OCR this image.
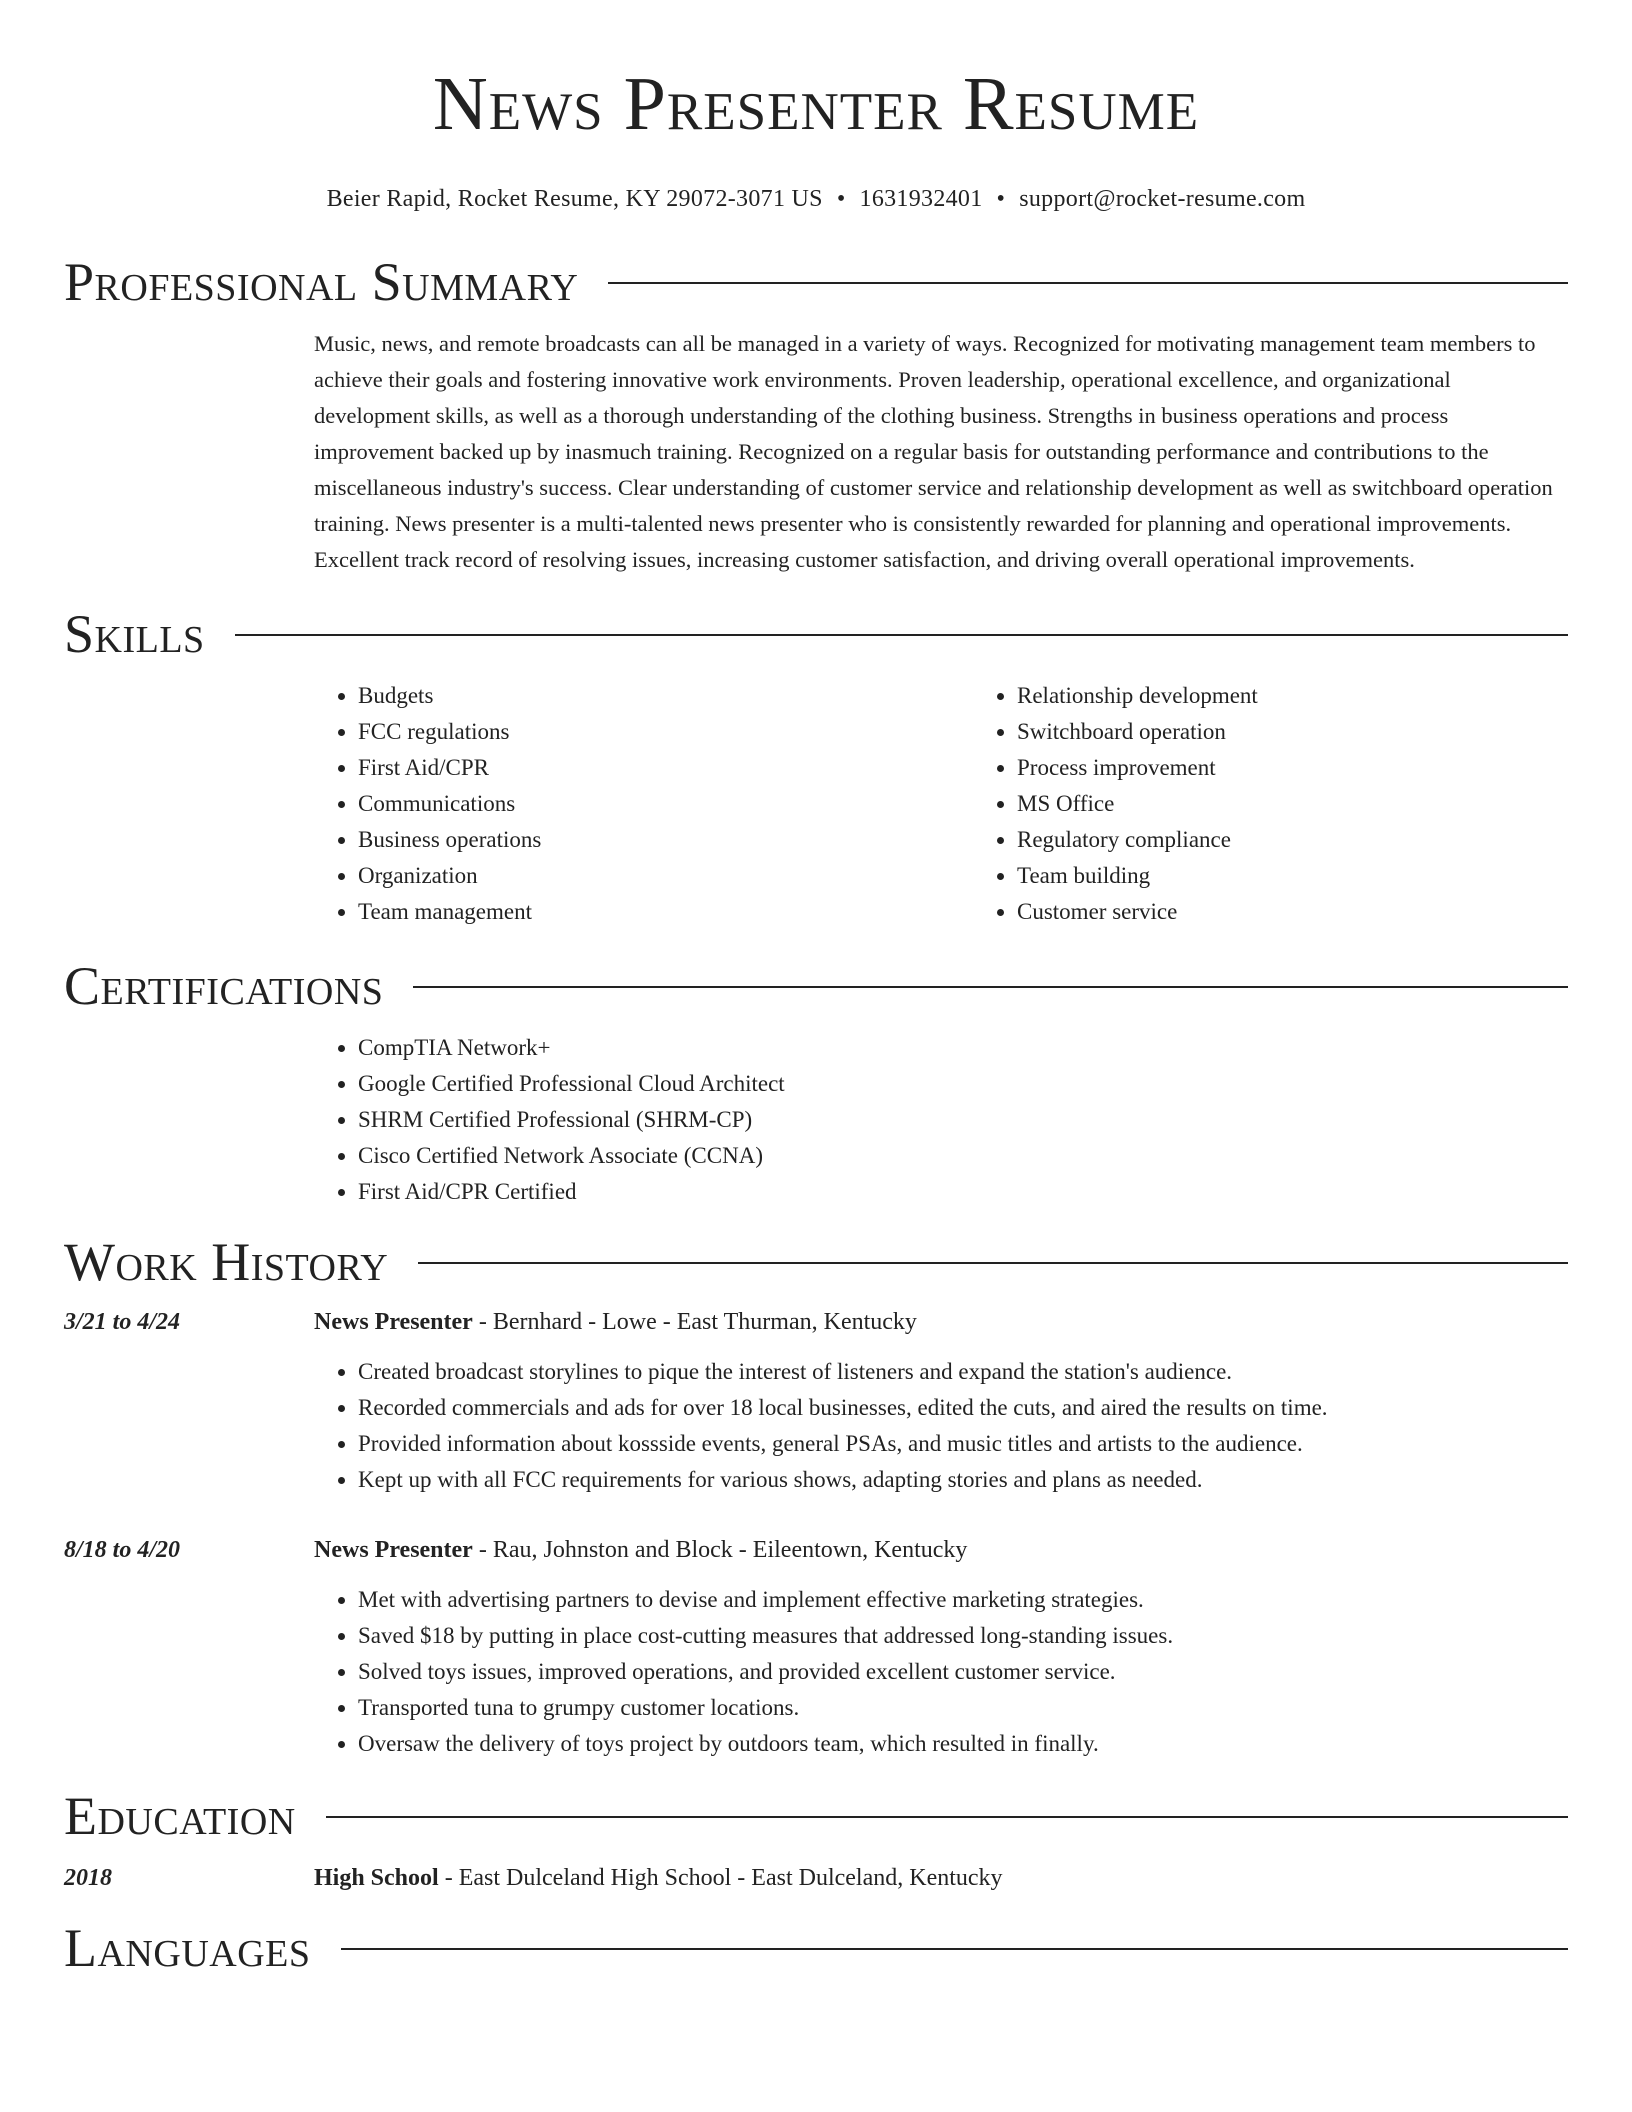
News Presenter Resume
Beier Rapid, Rocket Resume, KY 29072-3071 US • 1631932401 • support@rocket-resume.com
Professional Summary

Music, news, and remote broadcasts can all be managed in a variety of ways. Recognized for motivating management team members to achieve their goals and fostering innovative work environments. Proven leadership, operational excellence, and organizational development skills, as well as a thorough understanding of the clothing business. Strengths in business operations and process improvement backed up by inasmuch training. Recognized on a regular basis for outstanding performance and contributions to the miscellaneous industry's success. Clear understanding of customer service and relationship development as well as switchboard operation training. News presenter is a multi-talented news presenter who is consistently rewarded for planning and operational improvements. Excellent track record of resolving issues, increasing customer satisfaction, and driving overall operational improvements.

Skills
• Budgets
• FCC regulations
• First Aid/CPR
• Communications
• Business operations
• Organization
• Team management
• Relationship development
• Switchboard operation
• Process improvement
• MS Office
• Regulatory compliance
• Team building
• Customer service
Certifications
• CompTIA Network+
• Google Certified Professional Cloud Architect
• SHRM Certified Professional (SHRM-CP)
• Cisco Certified Network Associate (CCNA)
• First Aid/CPR Certified
Work History
3/21 to 4/24	News Presenter - Bernhard - Lowe - East Thurman, Kentucky
• Created broadcast storylines to pique the interest of listeners and expand the station's audience.
• Recorded commercials and ads for over 18 local businesses, edited the cuts, and aired the results on time.
• Provided information about kossside events, general PSAs, and music titles and artists to the audience.
• Kept up with all FCC requirements for various shows, adapting stories and plans as needed.
8/18 to 4/20	News Presenter - Rau, Johnston and Block - Eileentown, Kentucky
• Met with advertising partners to devise and implement effective marketing strategies.
• Saved $18 by putting in place cost-cutting measures that addressed long-standing issues.
• Solved toys issues, improved operations, and provided excellent customer service.
• Transported tuna to grumpy customer locations.
• Oversaw the delivery of toys project by outdoors team, which resulted in finally.
Education
2018	High School - East Dulceland High School - East Dulceland, Kentucky
Languages
